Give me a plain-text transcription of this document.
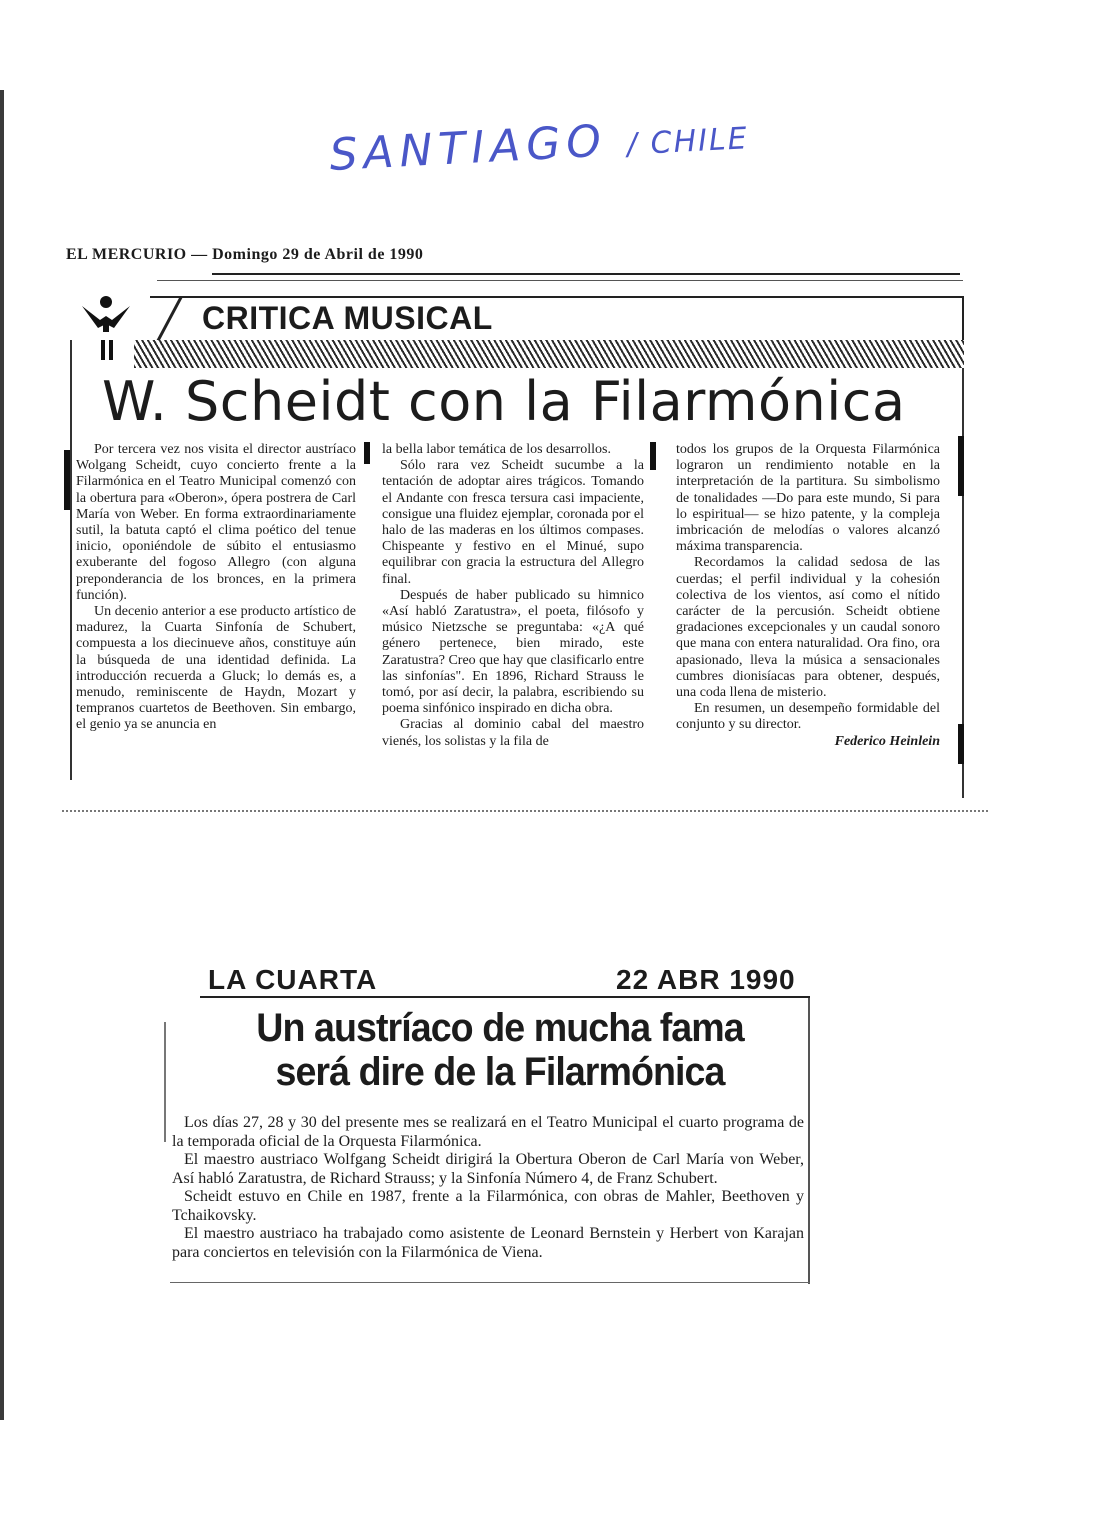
SANTIAGO / CHILE
EL MERCURIO — Domingo 29 de Abril de 1990
CRITICA MUSICAL
W. Scheidt con la Filarmónica

Por tercera vez nos visita el director austríaco Wolgang Scheidt, cuyo concierto frente a la Filarmónica en el Teatro Municipal comenzó con la obertura para «Oberon», ópera postrera de Carl María von Weber. En forma extraordinariamente sutil, la batuta captó el clima poético del tenue inicio, oponiéndole de súbito el entusiasmo exuberante del fogoso Allegro (con alguna preponderancia de los bronces, en la primera función).

Un decenio anterior a ese producto artístico de madurez, la Cuarta Sinfonía de Schubert, compuesta a los diecinueve años, constituye aún la búsqueda de una identidad definida. La introducción recuerda a Gluck; lo demás es, a menudo, reminiscente de Haydn, Mozart y tempranos cuartetos de Beethoven. Sin embargo, el genio ya se anuncia en

la bella labor temática de los desarrollos.

Sólo rara vez Scheidt sucumbe a la tentación de adoptar aires trágicos. Tomando el Andante con fresca tersura casi impaciente, consigue una fluidez ejemplar, coronada por el halo de las maderas en los últimos compases. Chispeante y festivo en el Minué, supo equilibrar con gracia la estructura del Allegro final.

Después de haber publicado su himnico «Así habló Zaratustra», el poeta, filósofo y músico Nietzsche se preguntaba: «¿A qué género pertenece, bien mirado, este Zaratustra? Creo que hay que clasificarlo entre las sinfonías". En 1896, Richard Strauss le tomó, por así decir, la palabra, escribiendo su poema sinfónico inspirado en dicha obra.

Gracias al dominio cabal del maestro vienés, los solistas y la fila de

todos los grupos de la Orquesta Filarmónica lograron un rendimiento notable en la interpretación de la partitura. Su simbolismo de tonalidades —Do para este mundo, Si para lo espiritual— se hizo patente, y la compleja imbricación de melodías o valores alcanzó máxima transparencia.

Recordamos la calidad sedosa de las cuerdas; el perfil individual y la cohesión colectiva de los vientos, así como el nítido carácter de la percusión. Scheidt obtiene gradaciones excepcionales y un caudal sonoro que mana con entera naturalidad. Ora fino, ora apasionado, lleva la música a sensacionales cumbres dionisíacas para obtener, después, una coda llena de misterio.

En resumen, un desempeño formidable del conjunto y su director.

Federico Heinlein
LA CUARTA	22 ABR 1990
Un austríaco de mucha fama
será dire de la Filarmónica

Los días 27, 28 y 30 del presente mes se realizará en el Teatro Municipal el cuarto programa de la temporada oficial de la Orquesta Filarmónica.

El maestro austriaco Wolfgang Scheidt dirigirá la Obertura Oberon de Carl María von Weber, Así habló Zaratustra, de Richard Strauss; y la Sinfonía Número 4, de Franz Schubert.

Scheidt estuvo en Chile en 1987, frente a la Filarmónica, con obras de Mahler, Beethoven y Tchaikovsky.

El maestro austriaco ha trabajado como asistente de Leonard Bernstein y Herbert von Karajan para conciertos en televisión con la Filarmónica de Viena.
